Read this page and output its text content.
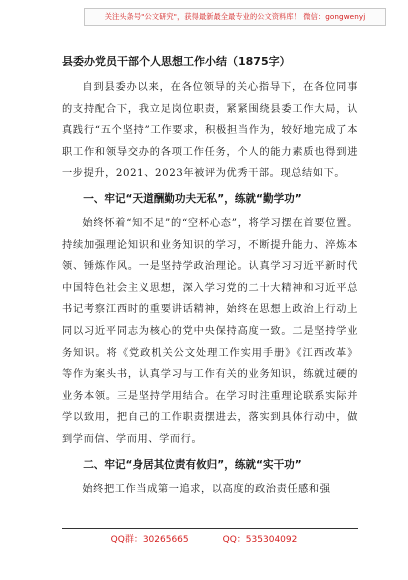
关注头条号"公文研究"，获得最新最全最专业的公文资料库！ 微信：gongwenyj
县委办党员干部个人思想工作小结（1875字）

自到县委办以来，在各位领导的关心指导下，在各位同事的支持配合下，我立足岗位职责，紧紧围绕县委工作大局，认真践行“五个坚持”工作要求，积极担当作为，较好地完成了本职工作和领导交办的各项工作任务，个人的能力素质也得到进一步提升，2021、2023年被评为优秀干部。现总结如下。

一、牢记“天道酬勤功夫无私”，练就“勤学功”

始终怀着“知不足”的“空杯心态”，将学习摆在首要位置。持续加强理论知识和业务知识的学习，不断提升能力、淬炼本领、锤炼作风。一是坚持学政治理论。认真学习习近平新时代中国特色社会主义思想，深入学习党的二十大精神和习近平总书记考察江西时的重要讲话精神，始终在思想上政治上行动上同以习近平同志为核心的党中央保持高度一致。二是坚持学业务知识。将《党政机关公文处理工作实用手册》《江西改革》等作为案头书，认真学习与工作有关的业务知识，练就过硬的业务本领。三是坚持学用结合。在学习时注重理论联系实际并学以致用，把自己的工作职责摆进去，落实到具体行动中，做到学而信、学而用、学而行。

二、牢记“身居其位责有攸归”，练就“实干功”

始终把工作当成第一追求，以高度的政治责任感和强

QQ群：30265665	QQ：535304092
